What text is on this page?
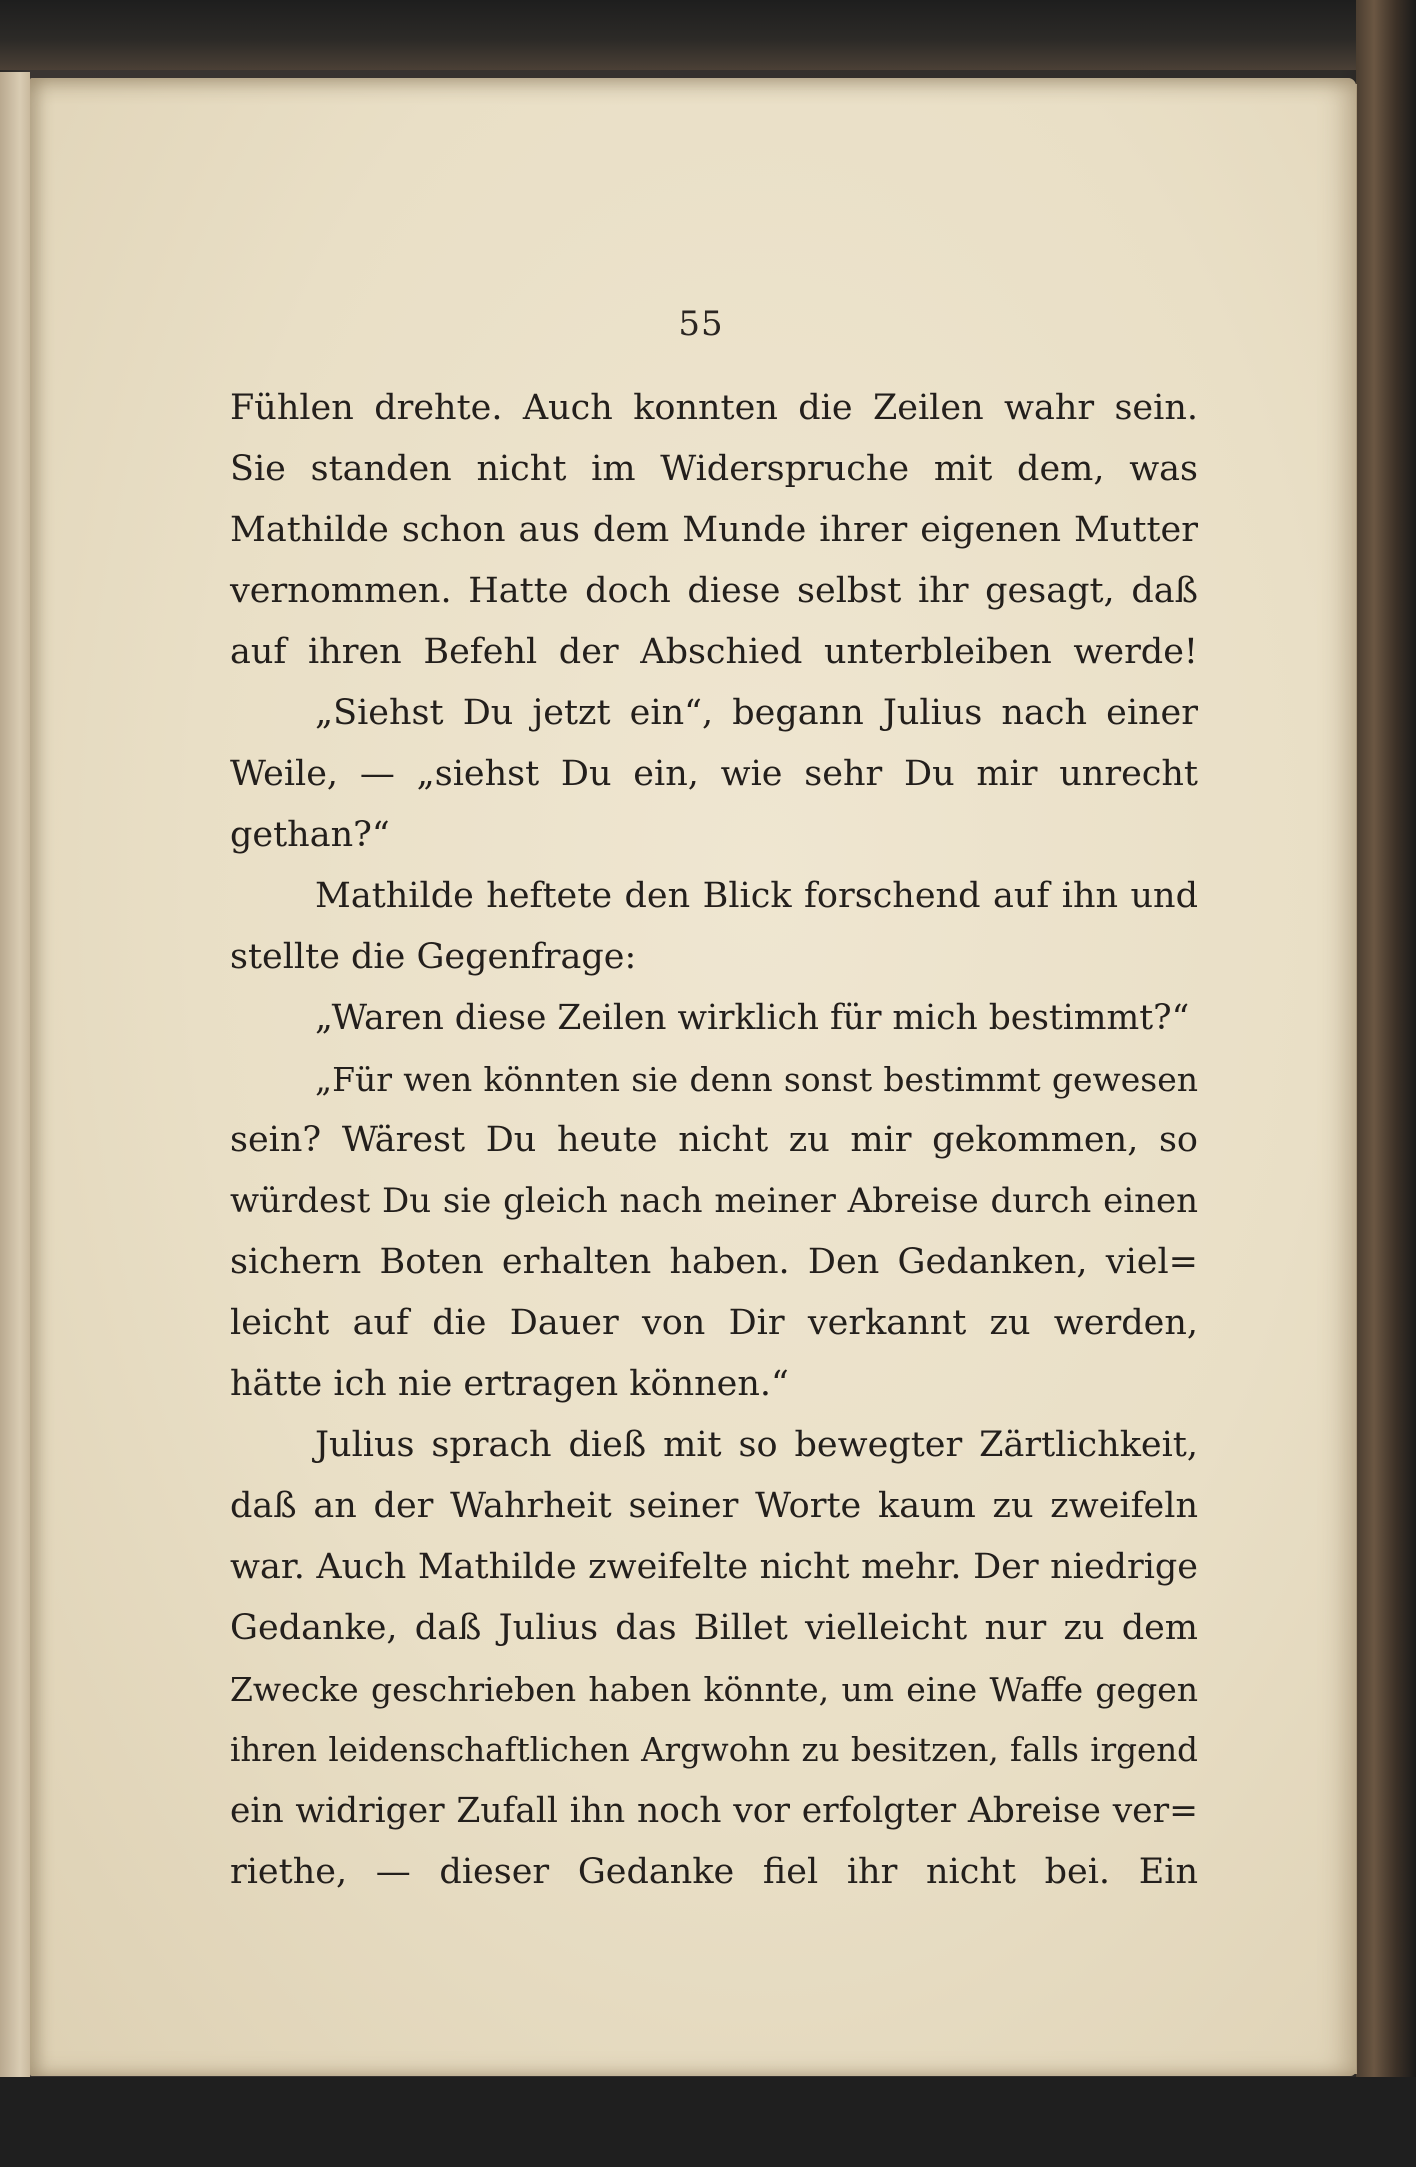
55
Fühlen drehte. Auch konnten die Zeilen wahr sein.
Sie standen nicht im Widerspruche mit dem, was
Mathilde schon aus dem Munde ihrer eigenen Mutter
vernommen. Hatte doch diese selbst ihr gesagt, daß
auf ihren Befehl der Abschied unterbleiben werde!
„Siehst Du jetzt ein“, begann Julius nach einer
Weile, — „siehst Du ein, wie sehr Du mir unrecht
gethan?“
Mathilde heftete den Blick forschend auf ihn und
stellte die Gegenfrage:
„Waren diese Zeilen wirklich für mich bestimmt?“
„Für wen könnten sie denn sonst bestimmt gewesen
sein? Wärest Du heute nicht zu mir gekommen, so
würdest Du sie gleich nach meiner Abreise durch einen
sichern Boten erhalten haben. Den Gedanken, viel=
leicht auf die Dauer von Dir verkannt zu werden,
hätte ich nie ertragen können.“
Julius sprach dieß mit so bewegter Zärtlichkeit,
daß an der Wahrheit seiner Worte kaum zu zweifeln
war. Auch Mathilde zweifelte nicht mehr. Der niedrige
Gedanke, daß Julius das Billet vielleicht nur zu dem
Zwecke geschrieben haben könnte, um eine Waffe gegen
ihren leidenschaftlichen Argwohn zu besitzen, falls irgend
ein widriger Zufall ihn noch vor erfolgter Abreise ver=
riethe, — dieser Gedanke fiel ihr nicht bei. Ein
